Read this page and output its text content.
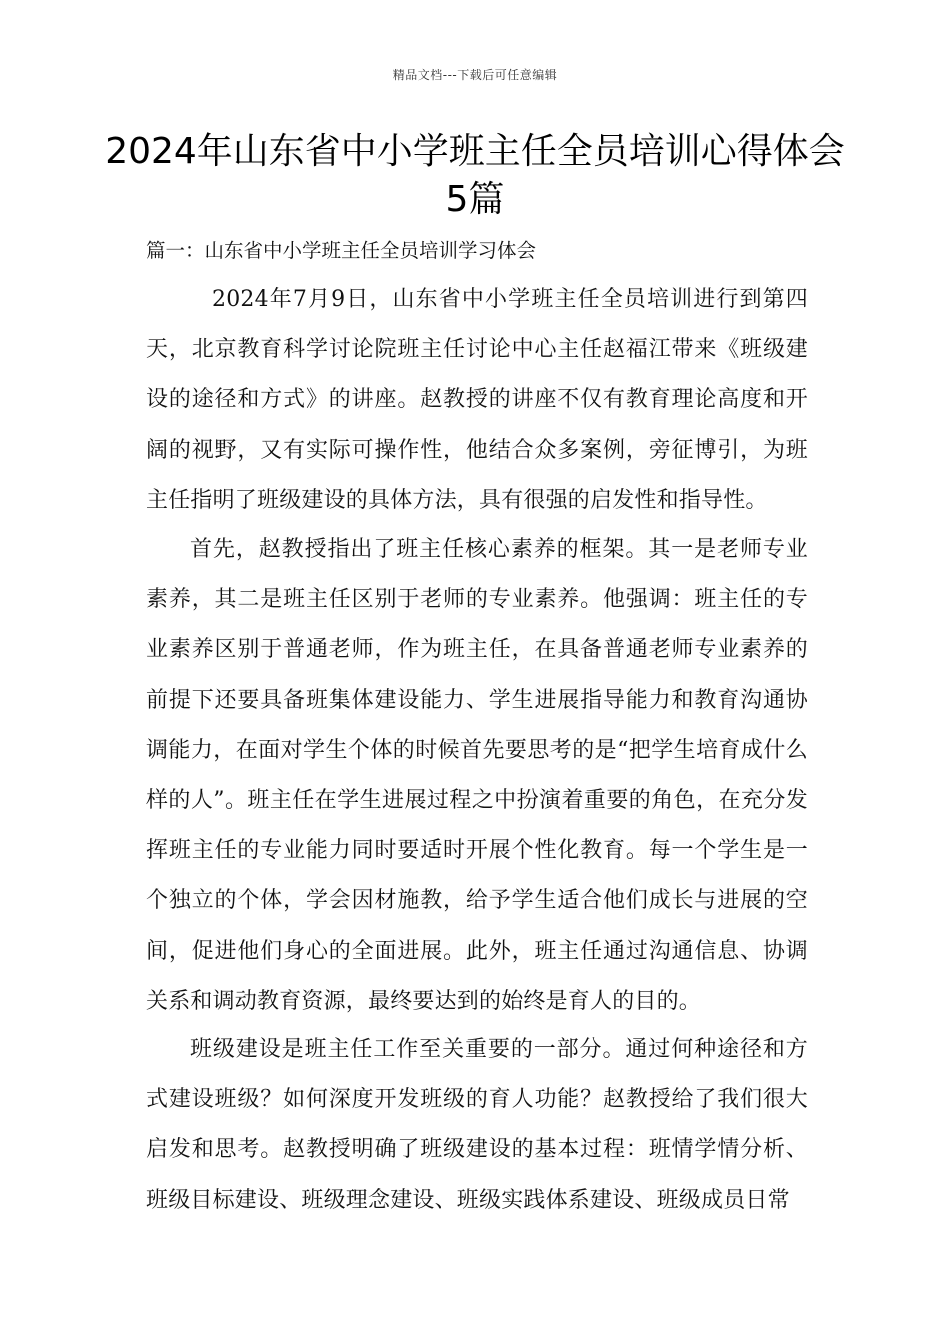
精品文档---下载后可任意编辑
2024年山东省中小学班主任全员培训心得体会5篇

篇一：山东省中小学班主任全员培训学习体会

2024年7月9日，山东省中小学班主任全员培训进行到第四天，北京教育科学讨论院班主任讨论中心主任赵福江带来《班级建设的途径和方式》的讲座。赵教授的讲座不仅有教育理论高度和开阔的视野，又有实际可操作性，他结合众多案例，旁征博引，为班主任指明了班级建设的具体方法，具有很强的启发性和指导性。

首先，赵教授指出了班主任核心素养的框架。其一是老师专业素养，其二是班主任区别于老师的专业素养。他强调：班主任的专业素养区别于普通老师，作为班主任，在具备普通老师专业素养的前提下还要具备班集体建设能力、学生进展指导能力和教育沟通协调能力，在面对学生个体的时候首先要思考的是“把学生培育成什么样的人”。班主任在学生进展过程之中扮演着重要的角色，在充分发挥班主任的专业能力同时要适时开展个性化教育。每一个学生是一个独立的个体，学会因材施教，给予学生适合他们成长与进展的空间，促进他们身心的全面进展。此外，班主任通过沟通信息、协调关系和调动教育资源，最终要达到的始终是育人的目的。

班级建设是班主任工作至关重要的一部分。通过何种途径和方式建设班级？如何深度开发班级的育人功能？赵教授给了我们很大启发和思考。赵教授明确了班级建设的基本过程：班情学情分析、班级目标建设、班级理念建设、班级实践体系建设、班级成员日常
